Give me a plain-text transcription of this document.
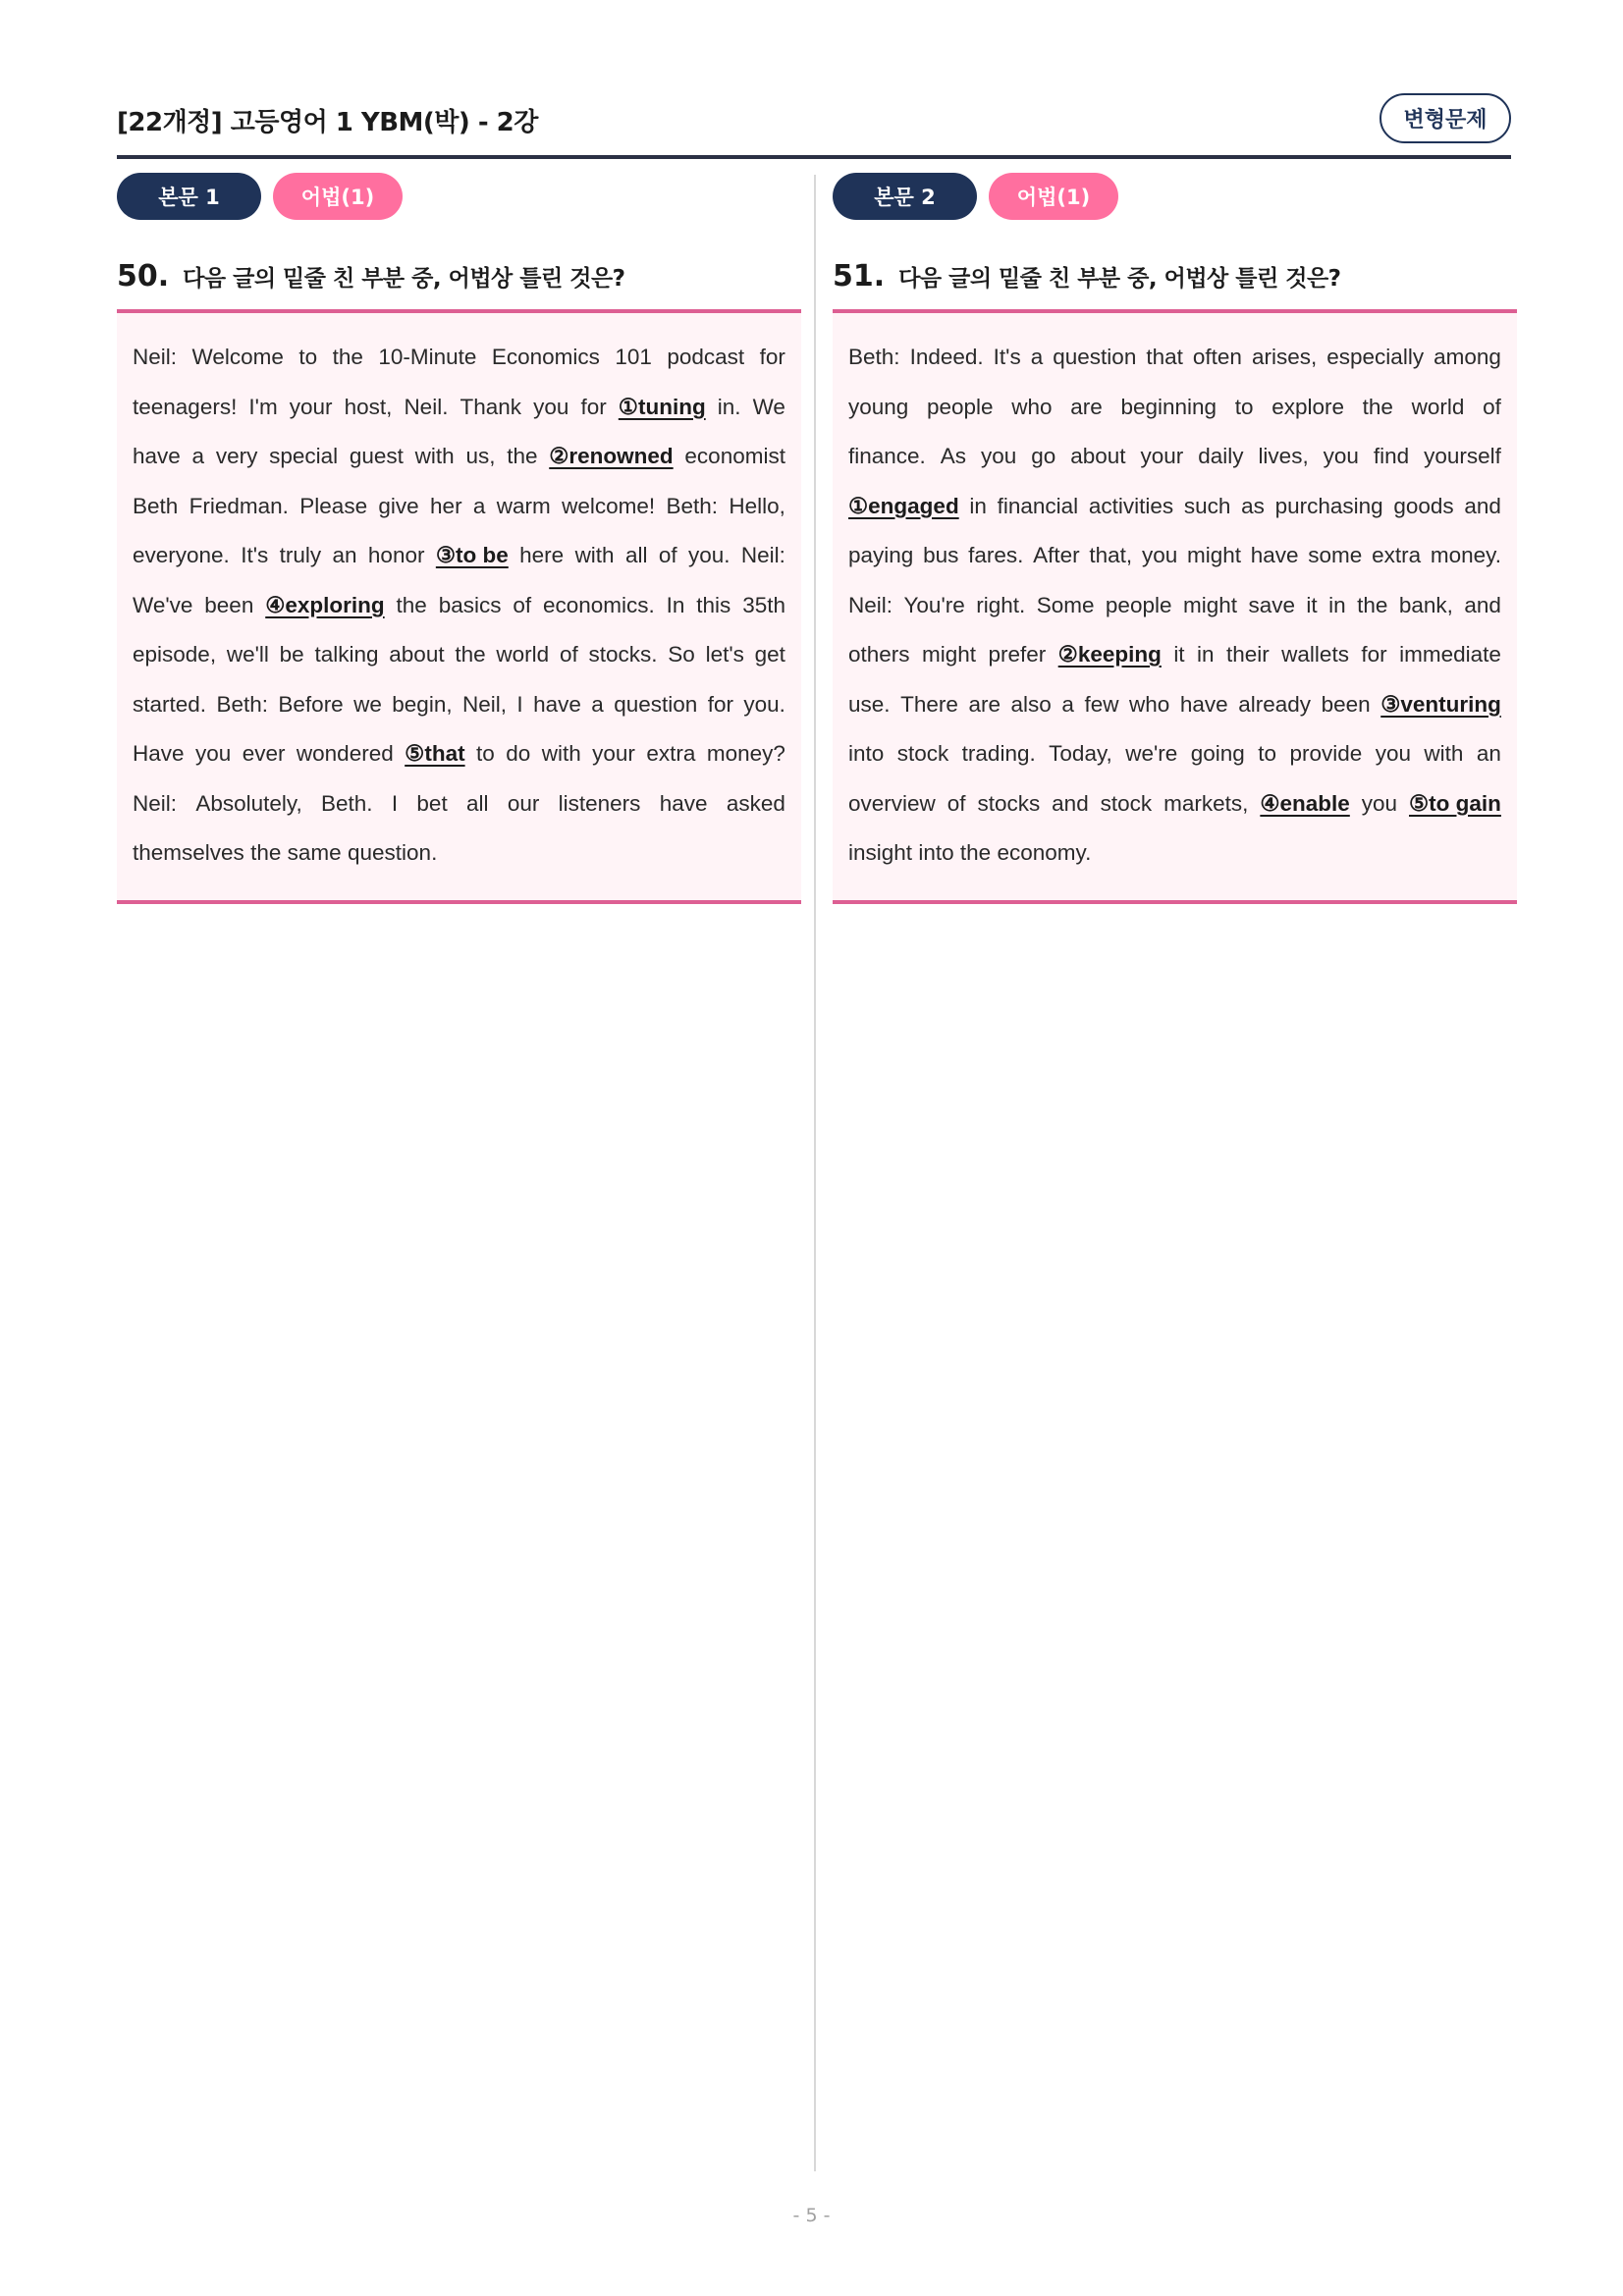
[22개정] 고등영어 1 YBM(박) - 2강	변형문제
본문 1	어법(1)
50. 다음 글의 밑줄 친 부분 중, 어법상 틀린 것은?
Neil: Welcome to the 10-Minute Economics 101 podcast for
teenagers! I'm your host, Neil. Thank you for ①tuning in. We
have a very special guest with us, the ②renowned economist
Beth Friedman. Please give her a warm welcome! Beth: Hello,
everyone. It's truly an honor ③to be here with all of you. Neil:
We've been ④exploring the basics of economics. In this 35th
episode, we'll be talking about the world of stocks. So let's get
started. Beth: Before we begin, Neil, I have a question for you.
Have you ever wondered ⑤that to do with your extra money?
Neil: Absolutely, Beth. I bet all our listeners have asked
themselves the same question.
본문 2	어법(1)
51. 다음 글의 밑줄 친 부분 중, 어법상 틀린 것은?
Beth: Indeed. It's a question that often arises, especially among
young people who are beginning to explore the world of
finance. As you go about your daily lives, you find yourself
①engaged in financial activities such as purchasing goods and
paying bus fares. After that, you might have some extra money.
Neil: You're right. Some people might save it in the bank, and
others might prefer ②keeping it in their wallets for immediate
use. There are also a few who have already been ③venturing
into stock trading. Today, we're going to provide you with an
overview of stocks and stock markets, ④enable you ⑤to gain
insight into the economy.
- 5 -
